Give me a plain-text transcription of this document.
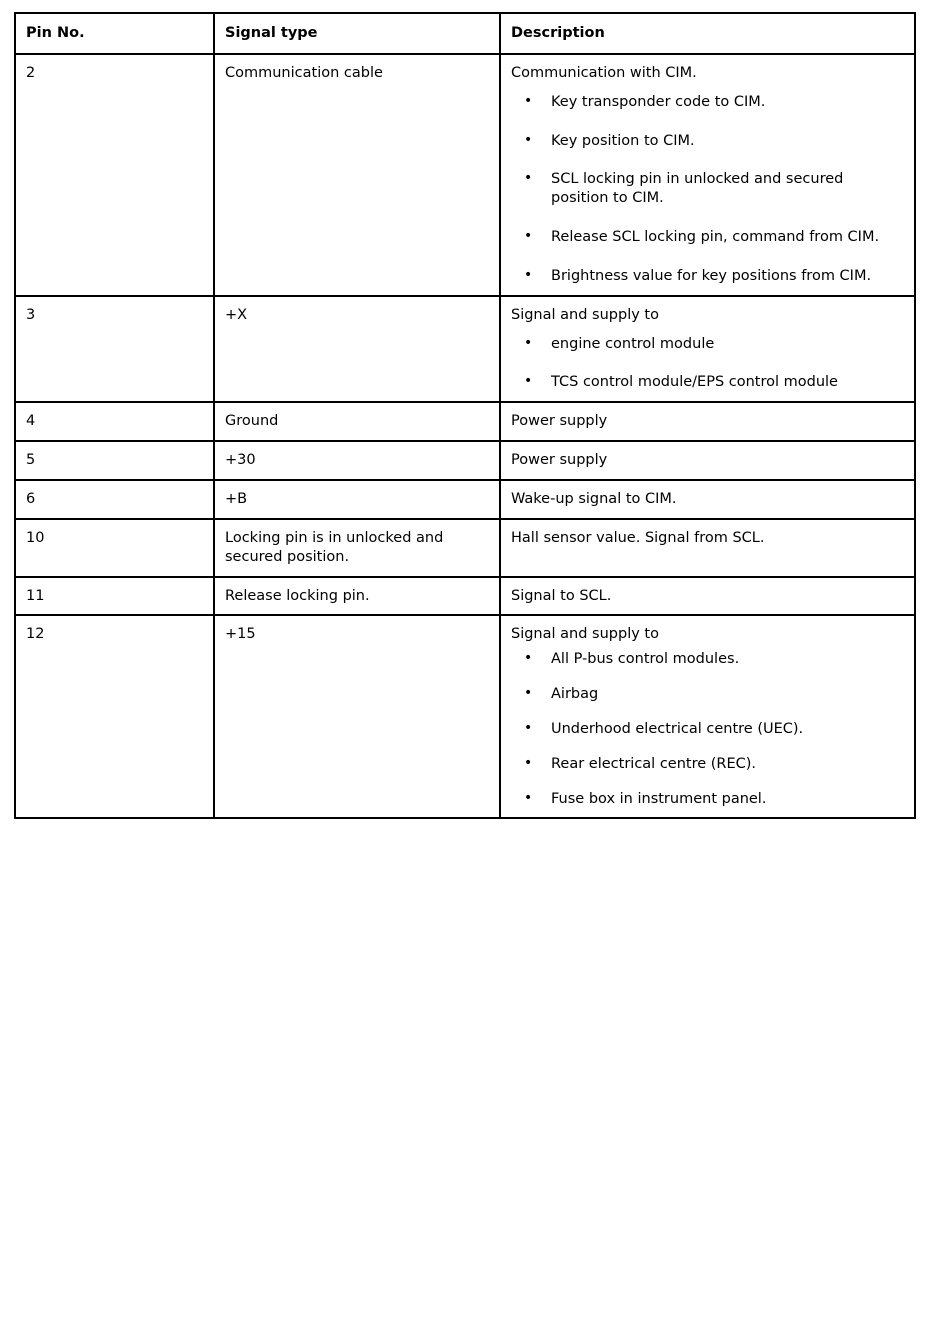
Pin No.	Signal type	Description
2	Communication cable	Communication with CIM.

• Key transponder code to CIM.
• Key position to CIM.
• SCL locking pin in unlocked and secured position to CIM.
• Release SCL locking pin, command from CIM.
• Brightness value for key positions from CIM.

3	+X	Signal and supply to

• engine control module
• TCS control module/EPS control module

4	Ground	Power supply
5	+30	Power supply
6	+B	Wake-up signal to CIM.
10	Locking pin is in unlocked and secured position.	Hall sensor value. Signal from SCL.
11	Release locking pin.	Signal to SCL.
12	+15	Signal and supply to

• All P-bus control modules.
• Airbag
• Underhood electrical centre (UEC).
• Rear electrical centre (REC).
• Fuse box in instrument panel.
